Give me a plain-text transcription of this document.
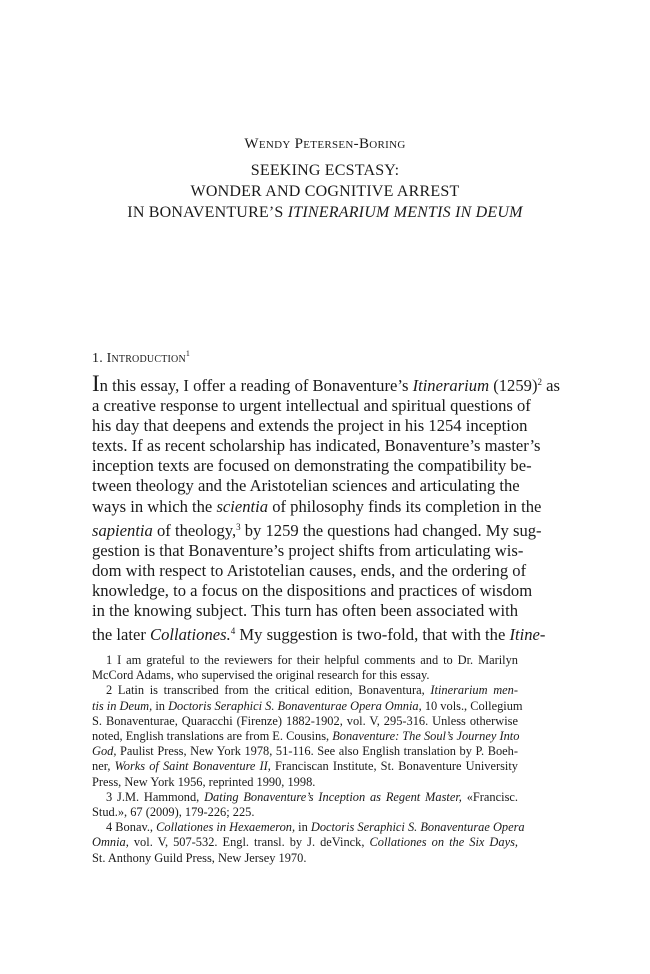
Wendy Petersen-Boring
SEEKING ECSTASY:
WONDER AND COGNITIVE ARREST
IN BONAVENTURE’S ITINERARIUM MENTIS IN DEUM
1. Introduction$^1$
In this essay, I offer a reading of Bonaventure’s Itinerarium $(1259)^2$ as
a creative response to urgent intellectual and spiritual questions of
his day that deepens and extends the project in his 1254 inception
texts. If as recent scholarship has indicated, Bonaventure’s master’s
inception texts are focused on demonstrating the compatibility be-
tween theology and the Aristotelian sciences and articulating the
ways in which the scientia of philosophy finds its completion in the
sapientia of theology,$^3$ by 1259 the questions had changed. My sug-
gestion is that Bonaventure’s project shifts from articulating wis-
dom with respect to Aristotelian causes, ends, and the ordering of
knowledge, to a focus on the dispositions and practices of wisdom
in the knowing subject. This turn has often been associated with
the later Collationes.$^4$ My suggestion is two-fold, that with the Itine-
1 I am grateful to the reviewers for their helpful comments and to Dr. Marilyn
McCord Adams, who supervised the original research for this essay.
2 Latin is transcribed from the critical edition, Bonaventura, Itinerarium men-
tis in Deum, in Doctoris Seraphici S. Bonaventurae Opera Omnia, 10 vols., Collegium
S. Bonaventurae, Quaracchi (Firenze) 1882-1902, vol. V, 295-316. Unless otherwise
noted, English translations are from E. Cousins, Bonaventure: The Soul’s Journey Into
God, Paulist Press, New York 1978, 51-116. See also English translation by P. Boeh-
ner, Works of Saint Bonaventure II, Franciscan Institute, St. Bonaventure University
Press, New York 1956, reprinted 1990, 1998.
3 J.M. Hammond, Dating Bonaventure’s Inception as Regent Master, «Francisc.
Stud.», 67 (2009), 179-226; 225.
4 Bonav., Collationes in Hexaemeron, in Doctoris Seraphici S. Bonaventurae Opera
Omnia, vol. V, 507-532. Engl. transl. by J. deVinck, Collationes on the Six Days,
St. Anthony Guild Press, New Jersey 1970.
